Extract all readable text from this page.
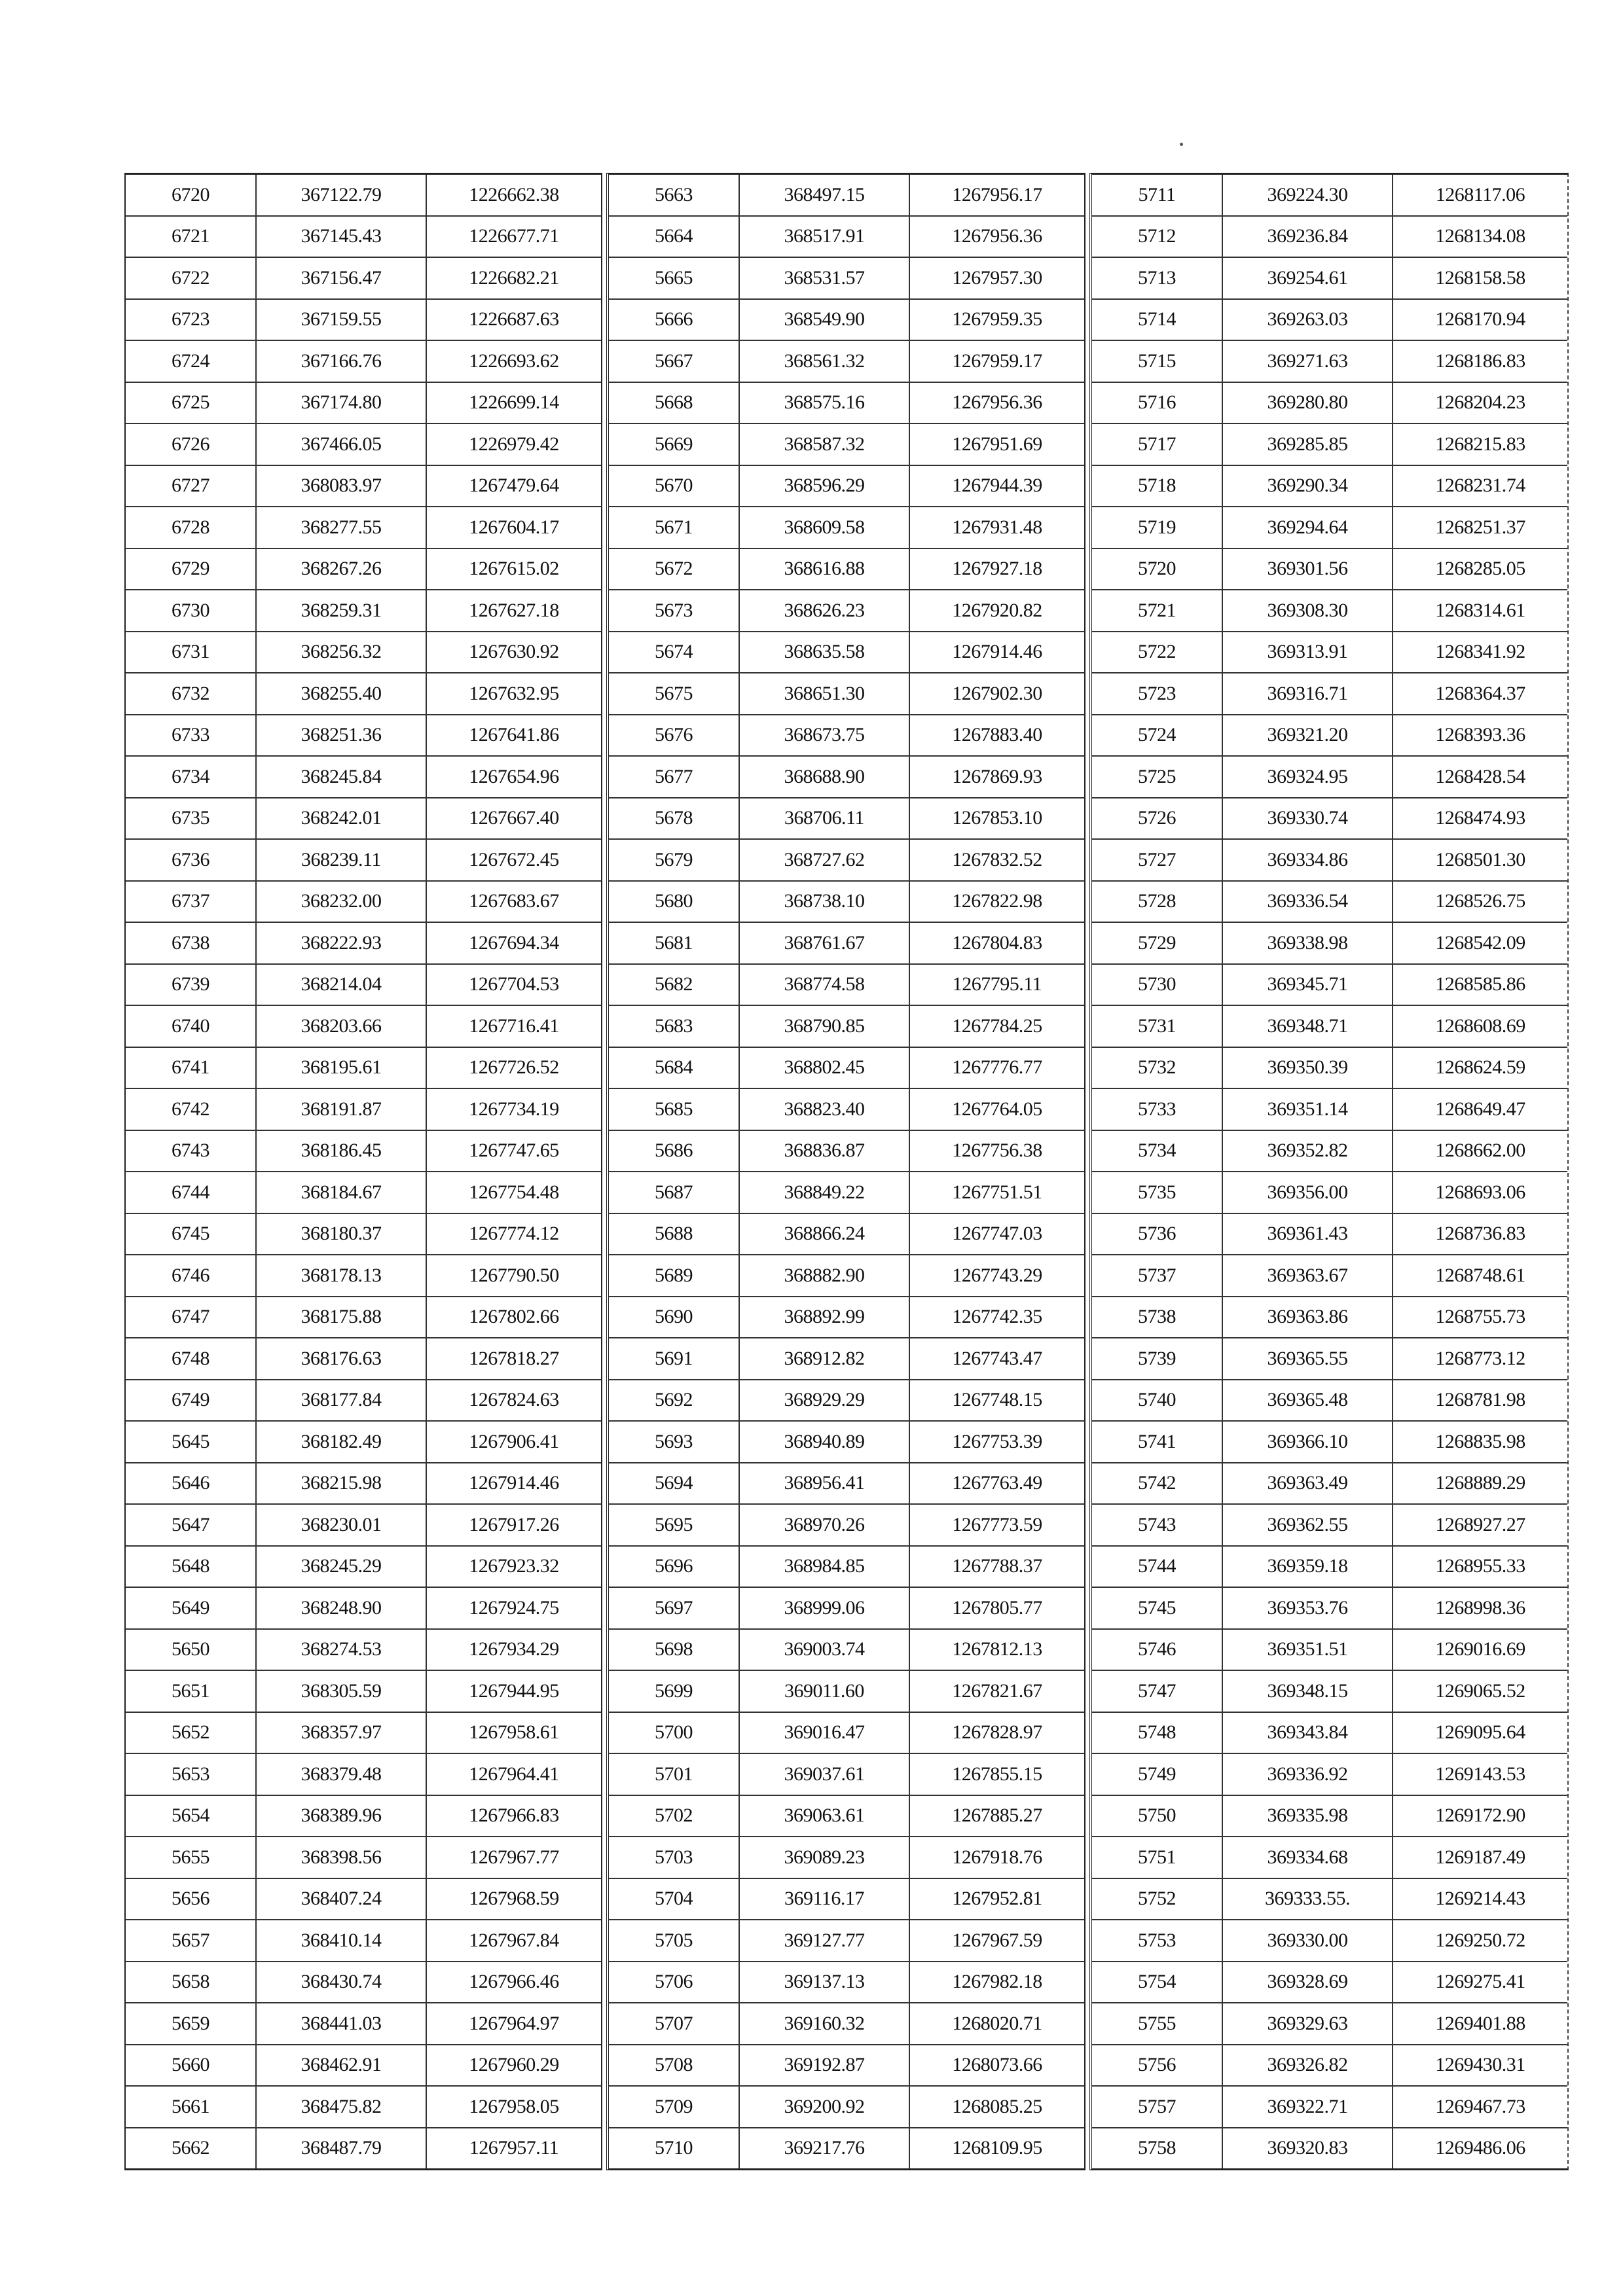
6720	367122.79	1226662.38
6721	367145.43	1226677.71
6722	367156.47	1226682.21
6723	367159.55	1226687.63
6724	367166.76	1226693.62
6725	367174.80	1226699.14
6726	367466.05	1226979.42
6727	368083.97	1267479.64
6728	368277.55	1267604.17
6729	368267.26	1267615.02
6730	368259.31	1267627.18
6731	368256.32	1267630.92
6732	368255.40	1267632.95
6733	368251.36	1267641.86
6734	368245.84	1267654.96
6735	368242.01	1267667.40
6736	368239.11	1267672.45
6737	368232.00	1267683.67
6738	368222.93	1267694.34
6739	368214.04	1267704.53
6740	368203.66	1267716.41
6741	368195.61	1267726.52
6742	368191.87	1267734.19
6743	368186.45	1267747.65
6744	368184.67	1267754.48
6745	368180.37	1267774.12
6746	368178.13	1267790.50
6747	368175.88	1267802.66
6748	368176.63	1267818.27
6749	368177.84	1267824.63
5645	368182.49	1267906.41
5646	368215.98	1267914.46
5647	368230.01	1267917.26
5648	368245.29	1267923.32
5649	368248.90	1267924.75
5650	368274.53	1267934.29
5651	368305.59	1267944.95
5652	368357.97	1267958.61
5653	368379.48	1267964.41
5654	368389.96	1267966.83
5655	368398.56	1267967.77
5656	368407.24	1267968.59
5657	368410.14	1267967.84
5658	368430.74	1267966.46
5659	368441.03	1267964.97
5660	368462.91	1267960.29
5661	368475.82	1267958.05
5662	368487.79	1267957.11
5663	368497.15	1267956.17
5664	368517.91	1267956.36
5665	368531.57	1267957.30
5666	368549.90	1267959.35
5667	368561.32	1267959.17
5668	368575.16	1267956.36
5669	368587.32	1267951.69
5670	368596.29	1267944.39
5671	368609.58	1267931.48
5672	368616.88	1267927.18
5673	368626.23	1267920.82
5674	368635.58	1267914.46
5675	368651.30	1267902.30
5676	368673.75	1267883.40
5677	368688.90	1267869.93
5678	368706.11	1267853.10
5679	368727.62	1267832.52
5680	368738.10	1267822.98
5681	368761.67	1267804.83
5682	368774.58	1267795.11
5683	368790.85	1267784.25
5684	368802.45	1267776.77
5685	368823.40	1267764.05
5686	368836.87	1267756.38
5687	368849.22	1267751.51
5688	368866.24	1267747.03
5689	368882.90	1267743.29
5690	368892.99	1267742.35
5691	368912.82	1267743.47
5692	368929.29	1267748.15
5693	368940.89	1267753.39
5694	368956.41	1267763.49
5695	368970.26	1267773.59
5696	368984.85	1267788.37
5697	368999.06	1267805.77
5698	369003.74	1267812.13
5699	369011.60	1267821.67
5700	369016.47	1267828.97
5701	369037.61	1267855.15
5702	369063.61	1267885.27
5703	369089.23	1267918.76
5704	369116.17	1267952.81
5705	369127.77	1267967.59
5706	369137.13	1267982.18
5707	369160.32	1268020.71
5708	369192.87	1268073.66
5709	369200.92	1268085.25
5710	369217.76	1268109.95
5711	369224.30	1268117.06
5712	369236.84	1268134.08
5713	369254.61	1268158.58
5714	369263.03	1268170.94
5715	369271.63	1268186.83
5716	369280.80	1268204.23
5717	369285.85	1268215.83
5718	369290.34	1268231.74
5719	369294.64	1268251.37
5720	369301.56	1268285.05
5721	369308.30	1268314.61
5722	369313.91	1268341.92
5723	369316.71	1268364.37
5724	369321.20	1268393.36
5725	369324.95	1268428.54
5726	369330.74	1268474.93
5727	369334.86	1268501.30
5728	369336.54	1268526.75
5729	369338.98	1268542.09
5730	369345.71	1268585.86
5731	369348.71	1268608.69
5732	369350.39	1268624.59
5733	369351.14	1268649.47
5734	369352.82	1268662.00
5735	369356.00	1268693.06
5736	369361.43	1268736.83
5737	369363.67	1268748.61
5738	369363.86	1268755.73
5739	369365.55	1268773.12
5740	369365.48	1268781.98
5741	369366.10	1268835.98
5742	369363.49	1268889.29
5743	369362.55	1268927.27
5744	369359.18	1268955.33
5745	369353.76	1268998.36
5746	369351.51	1269016.69
5747	369348.15	1269065.52
5748	369343.84	1269095.64
5749	369336.92	1269143.53
5750	369335.98	1269172.90
5751	369334.68	1269187.49
5752	369333.55.	1269214.43
5753	369330.00	1269250.72
5754	369328.69	1269275.41
5755	369329.63	1269401.88
5756	369326.82	1269430.31
5757	369322.71	1269467.73
5758	369320.83	1269486.06
